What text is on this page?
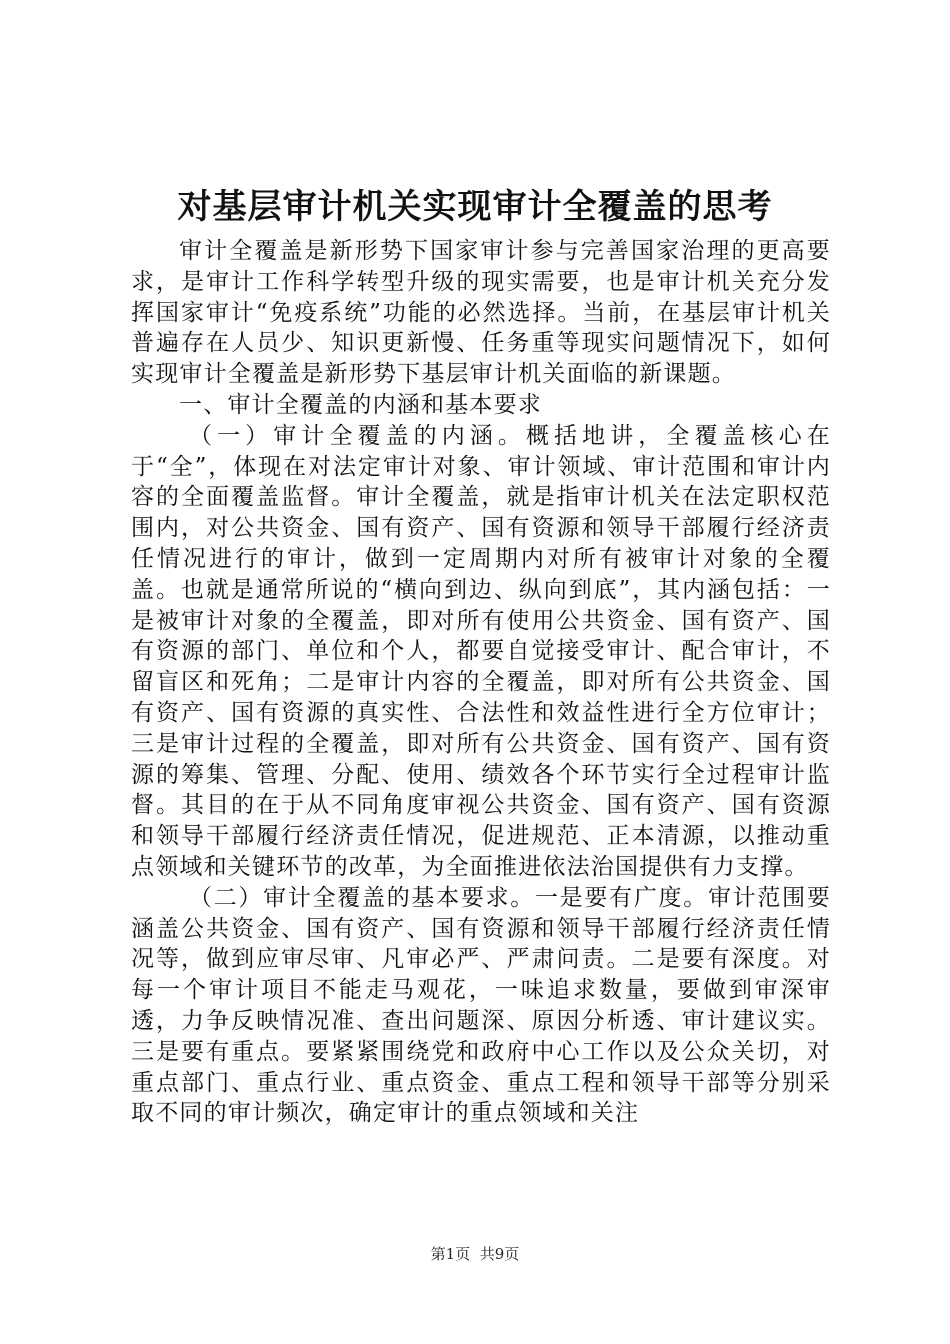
对基层审计机关实现审计全覆盖的思考

审计全覆盖是新形势下国家审计参与完善国家治理的更高要求，是审计工作科学转型升级的现实需要，也是审计机关充分发挥国家审计“免疫系统”功能的必然选择。当前，在基层审计机关普遍存在人员少、知识更新慢、任务重等现实问题情况下，如何实现审计全覆盖是新形势下基层审计机关面临的新课题。

一、审计全覆盖的内涵和基本要求

（一）审计全覆盖的内涵。概括地讲，全覆盖核心在于“全”，体现在对法定审计对象、审计领域、审计范围和审计内容的全面覆盖监督。审计全覆盖，就是指审计机关在法定职权范围内，对公共资金、国有资产、国有资源和领导干部履行经济责任情况进行的审计，做到一定周期内对所有被审计对象的全覆盖。也就是通常所说的“横向到边、纵向到底”，其内涵包括：一是被审计对象的全覆盖，即对所有使用公共资金、国有资产、国有资源的部门、单位和个人，都要自觉接受审计、配合审计，不留盲区和死角；二是审计内容的全覆盖，即对所有公共资金、国有资产、国有资源的真实性、合法性和效益性进行全方位审计；三是审计过程的全覆盖，即对所有公共资金、国有资产、国有资源的筹集、管理、分配、使用、绩效各个环节实行全过程审计监督。其目的在于从不同角度审视公共资金、国有资产、国有资源和领导干部履行经济责任情况，促进规范、正本清源，以推动重点领域和关键环节的改革，为全面推进依法治国提供有力支撑。

（二）审计全覆盖的基本要求。一是要有广度。审计范围要涵盖公共资金、国有资产、国有资源和领导干部履行经济责任情况等，做到应审尽审、凡审必严、严肃问责。二是要有深度。对每一个审计项目不能走马观花，一味追求数量，要做到审深审透，力争反映情况准、查出问题深、原因分析透、审计建议实。三是要有重点。要紧紧围绕党和政府中心工作以及公众关切，对重点部门、重点行业、重点资金、重点工程和领导干部等分别采取不同的审计频次，确定审计的重点领域和关注

第1页 共9页
